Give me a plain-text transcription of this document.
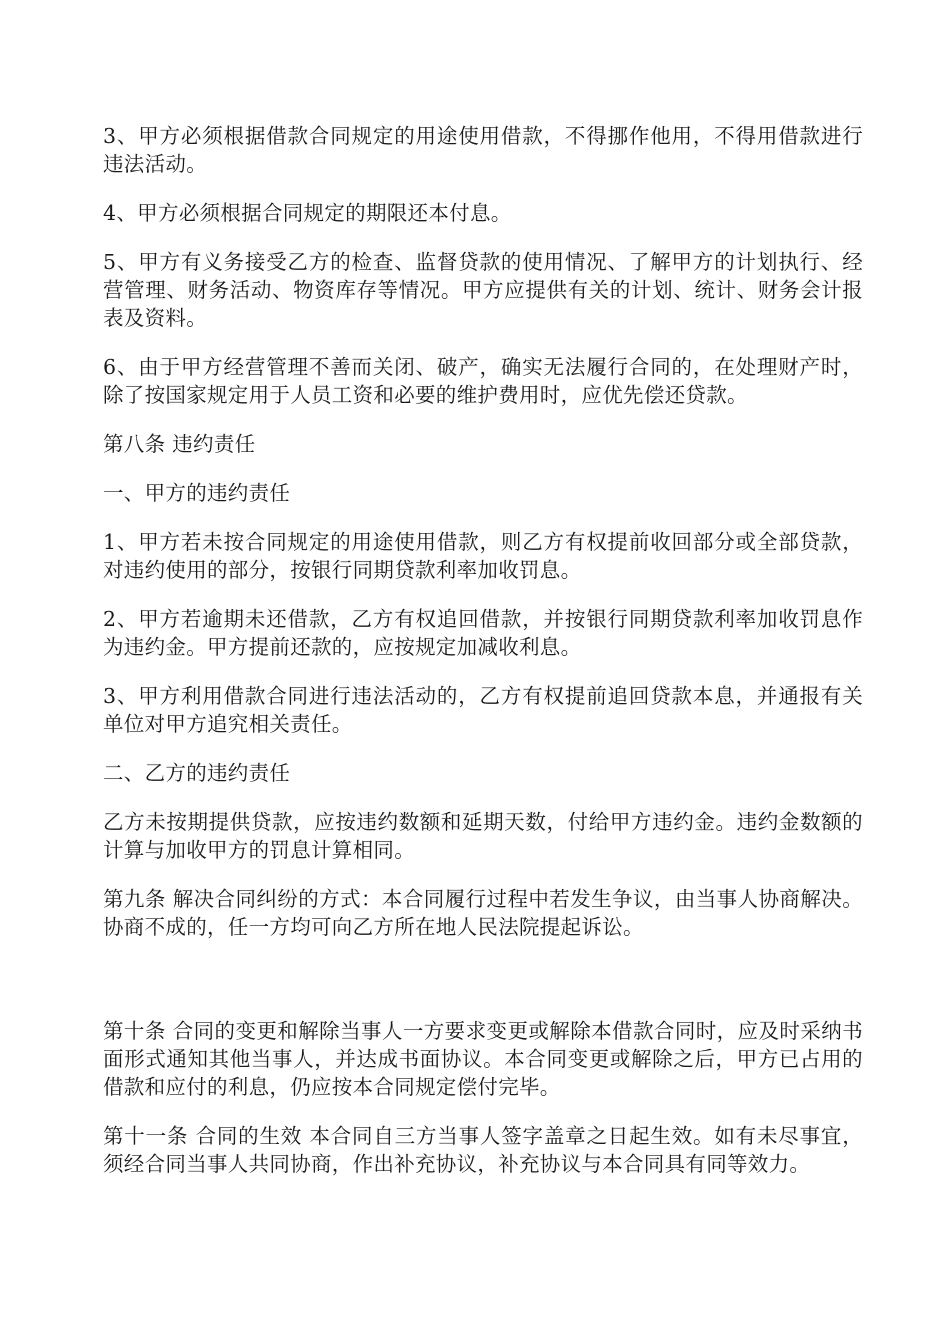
3、甲方必须根据借款合同规定的用途使用借款，不得挪作他用，不得用借款进行违法活动。

4、甲方必须根据合同规定的期限还本付息。

5、甲方有义务接受乙方的检查、监督贷款的使用情况、了解甲方的计划执行、经营管理、财务活动、物资库存等情况。甲方应提供有关的计划、统计、财务会计报表及资料。

6、由于甲方经营管理不善而关闭、破产，确实无法履行合同的，在处理财产时，除了按国家规定用于人员工资和必要的维护费用时，应优先偿还贷款。

第八条 违约责任

一、甲方的违约责任

1、甲方若未按合同规定的用途使用借款，则乙方有权提前收回部分或全部贷款，对违约使用的部分，按银行同期贷款利率加收罚息。

2、甲方若逾期未还借款，乙方有权追回借款，并按银行同期贷款利率加收罚息作为违约金。甲方提前还款的，应按规定加减收利息。

3、甲方利用借款合同进行违法活动的，乙方有权提前追回贷款本息，并通报有关单位对甲方追究相关责任。

二、乙方的违约责任

乙方未按期提供贷款，应按违约数额和延期天数，付给甲方违约金。违约金数额的计算与加收甲方的罚息计算相同。

第九条 解决合同纠纷的方式：本合同履行过程中若发生争议，由当事人协商解决。协商不成的，任一方均可向乙方所在地人民法院提起诉讼。

第十条 合同的变更和解除当事人一方要求变更或解除本借款合同时，应及时采纳书面形式通知其他当事人，并达成书面协议。本合同变更或解除之后，甲方已占用的借款和应付的利息，仍应按本合同规定偿付完毕。

第十一条 合同的生效 本合同自三方当事人签字盖章之日起生效。如有未尽事宜，须经合同当事人共同协商，作出补充协议，补充协议与本合同具有同等效力。
